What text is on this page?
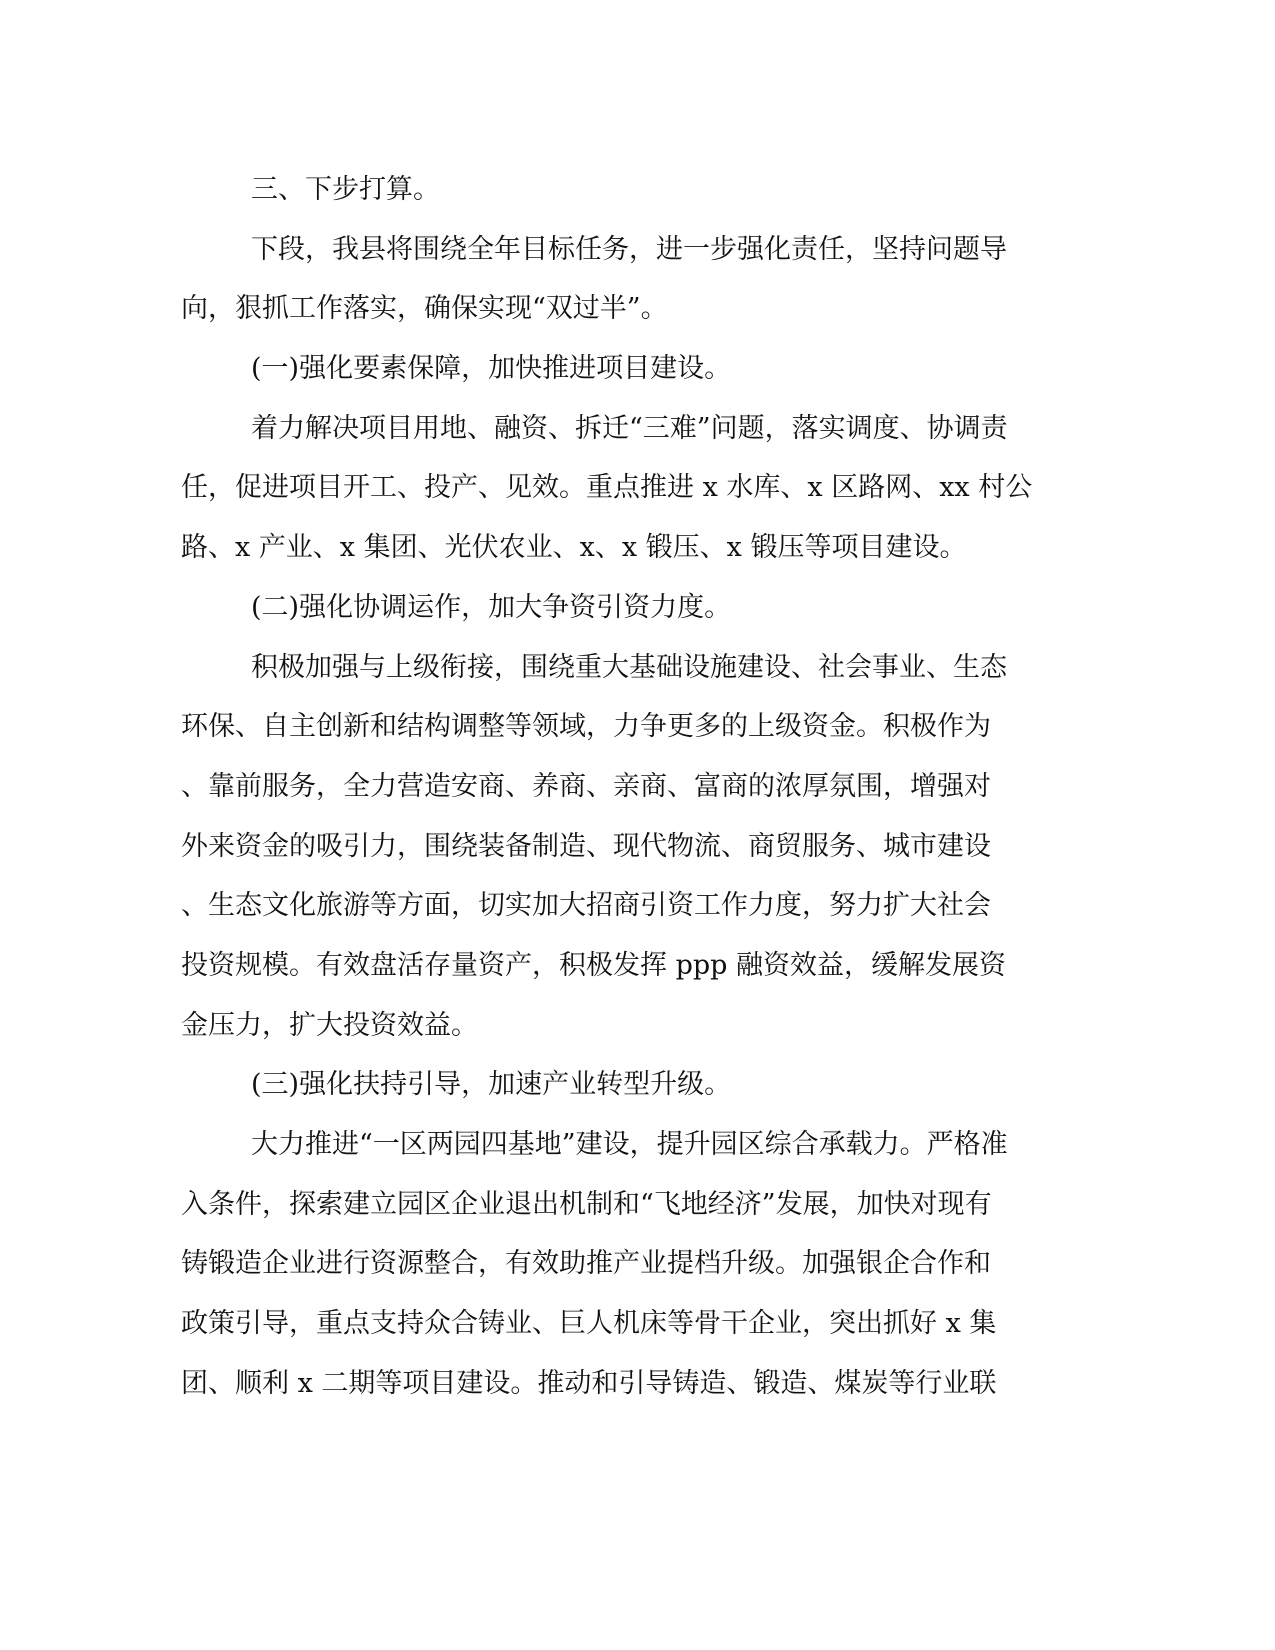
三、下步打算。
下段，我县将围绕全年目标任务，进一步强化责任，坚持问题导
向，狠抓工作落实，确保实现“双过半”。
(一)强化要素保障，加快推进项目建设。
着力解决项目用地、融资、拆迁“三难”问题，落实调度、协调责
任，促进项目开工、投产、见效。重点推进 x 水库、x 区路网、xx 村公
路、x 产业、x 集团、光伏农业、x、x 锻压、x 锻压等项目建设。
(二)强化协调运作，加大争资引资力度。
积极加强与上级衔接，围绕重大基础设施建设、社会事业、生态
环保、自主创新和结构调整等领域，力争更多的上级资金。积极作为
、靠前服务，全力营造安商、养商、亲商、富商的浓厚氛围，增强对
外来资金的吸引力，围绕装备制造、现代物流、商贸服务、城市建设
、生态文化旅游等方面，切实加大招商引资工作力度，努力扩大社会
投资规模。有效盘活存量资产，积极发挥 ppp 融资效益，缓解发展资
金压力，扩大投资效益。
(三)强化扶持引导，加速产业转型升级。
大力推进“一区两园四基地”建设，提升园区综合承载力。严格准
入条件，探索建立园区企业退出机制和“飞地经济”发展，加快对现有
铸锻造企业进行资源整合，有效助推产业提档升级。加强银企合作和
政策引导，重点支持众合铸业、巨人机床等骨干企业，突出抓好 x 集
团、顺利 x 二期等项目建设。推动和引导铸造、锻造、煤炭等行业联
